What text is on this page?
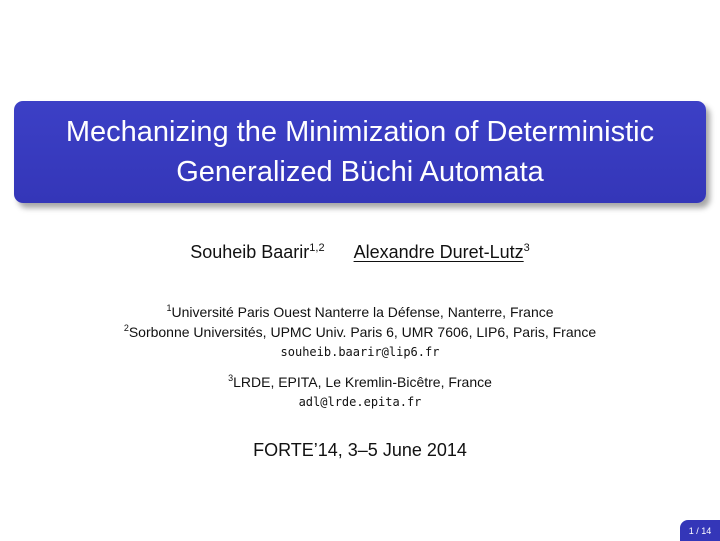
Mechanizing the Minimization of Deterministic
Generalized Büchi Automata
Souheib Baarir$^{1,2}$ Alexandre Duret-Lutz$^3$
$^1$Université Paris Ouest Nanterre la Défense, Nanterre, France
$^2$Sorbonne Universités, UPMC Univ. Paris 6, UMR 7606, LIP6, Paris, France
souheib.baarir@lip6.fr
$^3$LRDE, EPITA, Le Kremlin-Bicêtre, France
adl@lrde.epita.fr
FORTE’14, 3–5 June 2014
1 / 14
